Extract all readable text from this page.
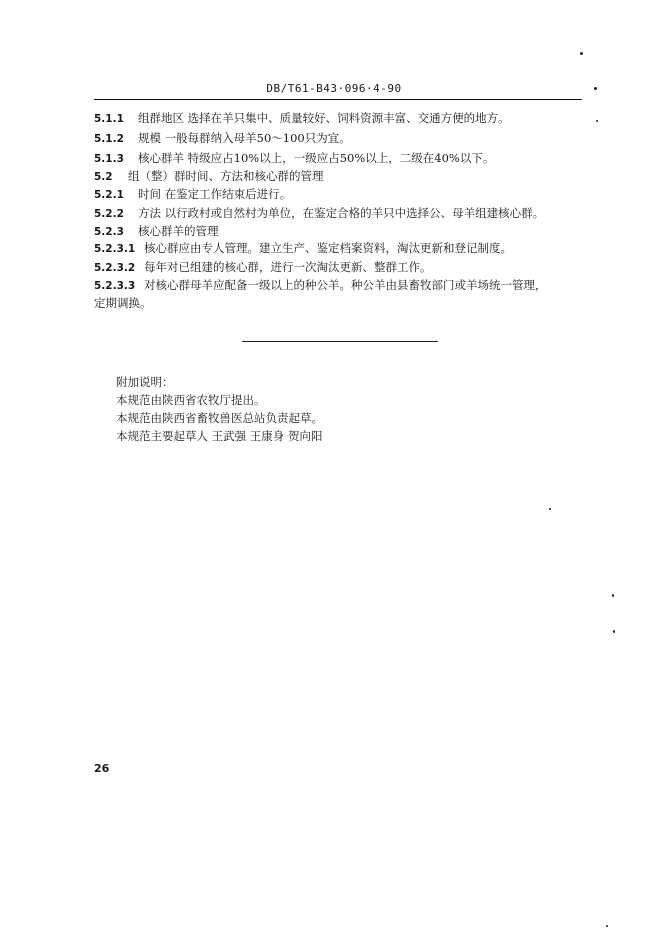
DB/T61-B43·096·4-90
5.1.1 组群地区 选择在羊只集中、质量较好、饲料资源丰富、交通方便的地方。
5.1.2 规模 一般每群纳入母羊50～100只为宜。
5.1.3 核心群羊 特级应占10%以上，一级应占50%以上，二级在40%以下。
5.2 组（整）群时间、方法和核心群的管理
5.2.1 时间 在鉴定工作结束后进行。
5.2.2 方法 以行政村或自然村为单位，在鉴定合格的羊只中选择公、母羊组建核心群。
5.2.3 核心群羊的管理
5.2.3.1 核心群应由专人管理。建立生产、鉴定档案资料，淘汰更新和登记制度。
5.2.3.2 每年对已组建的核心群，进行一次淘汰更新、整群工作。
5.2.3.3 对核心群母羊应配备一级以上的种公羊。种公羊由县畜牧部门或羊场统一管理，
定期调换。
附加说明：
本规范由陕西省农牧厅提出。
本规范由陕西省畜牧兽医总站负责起草。
本规范主要起草人 王武强 王康身 贺向阳
26
